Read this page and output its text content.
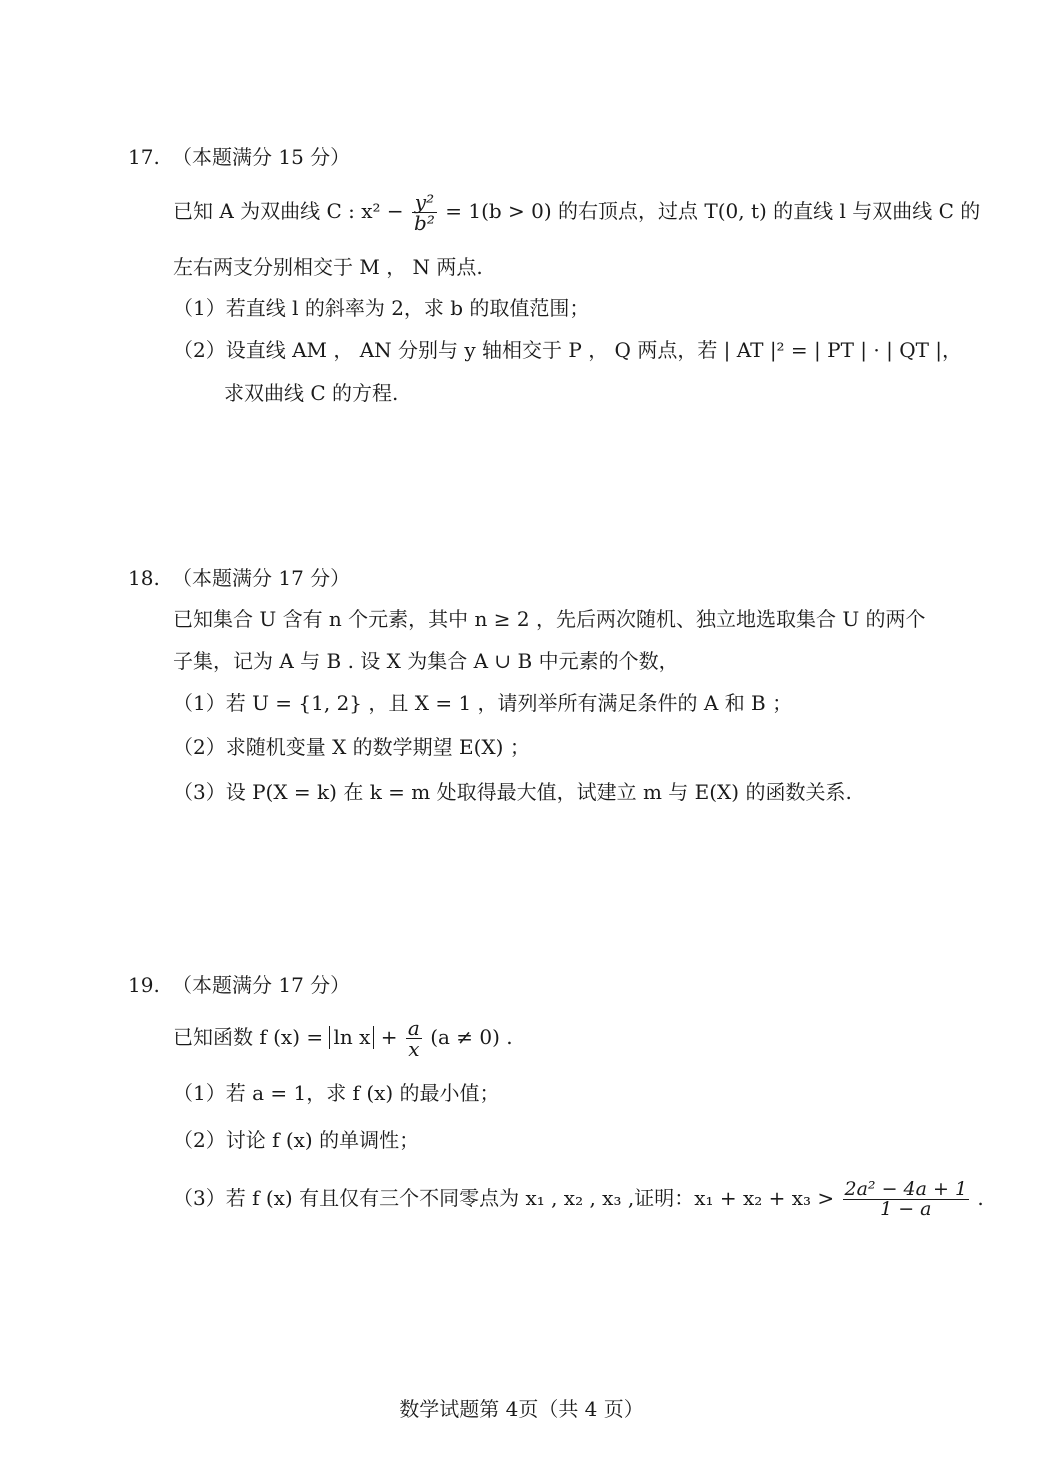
17. （本题满分 15 分）
已知 A 为双曲线 C : $x^2 - \frac{\text{y²}}{\text{b²}} = 1(b > 0)$ 的右顶点，过点 T(0, t) 的直线 l 与双曲线 C 的
左右两支分别相交于 M ， N 两点.
（1）若直线 l 的斜率为 2，求 b 的取值范围；
（2）设直线 AM ， AN 分别与 y 轴相交于 P ， Q 两点，若 | AT |² = | PT | · | QT |，
求双曲线 C 的方程.
18. （本题满分 17 分）
已知集合 U 含有 n 个元素，其中 n ≥ 2 ，先后两次随机、独立地选取集合 U 的两个
子集，记为 A 与 B . 设 X 为集合 A ∪ B 中元素的个数，
（1）若 U = {1, 2} ，且 X = 1 ，请列举所有满足条件的 A 和 B ；
（2）求随机变量 X 的数学期望 E(X) ；
（3）设 P(X = k) 在 k = m 处取得最大值，试建立 m 与 E(X) 的函数关系.
19. （本题满分 17 分）
已知函数 f $(x) = \ln x + \frac{a}{x} (a \ne 0)$ .
（1）若 a = 1，求 f (x) 的最小值；
（2）讨论 f (x) 的单调性；
（3）若 f (x) 有且仅有三个不同零点为 x₁ , x₂ , x₃ ,证明：$x_1 + x_2 + x_3 > \frac{\text{2a² − 4a + 1}}{1 - a}$ .
数学试题第 4页（共 4 页）
